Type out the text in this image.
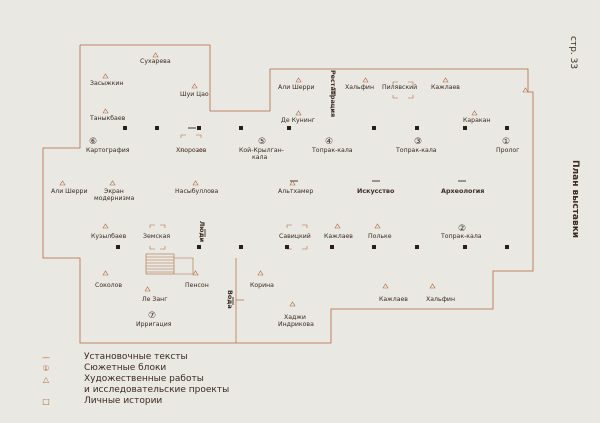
⑥	⑤	④	③	①
②
⑦
Сухарева
Засыжкин
Шуи Цао
Таныкбаев
Картография	Хлорозов	Кой-Крылган-
кала
Али Шерри	Хальфин Пилявский Кажлаев
Де Кунинг	Каракан
Топрак-кала	Топрак-кала	Пролог
Али Шерри	Экран
модернизма
Насыбуллова	Альтхамер	Искусство	Археология
Кузылбаев	Земская	Савицкий Кажлаев Польке	Топрак-кала
Соколов	Пенсон	Корина
Ле Занг
Ирригация
Хаджи
Индрикова
Кажлаев	Хальфин
Реставрация
Люди
Вода
стр. 33
План выставки
—	Установочные тексты
①	Сюжетные блоки
△	Художественные работы
и исследовательские проекты
□	Личные истории
